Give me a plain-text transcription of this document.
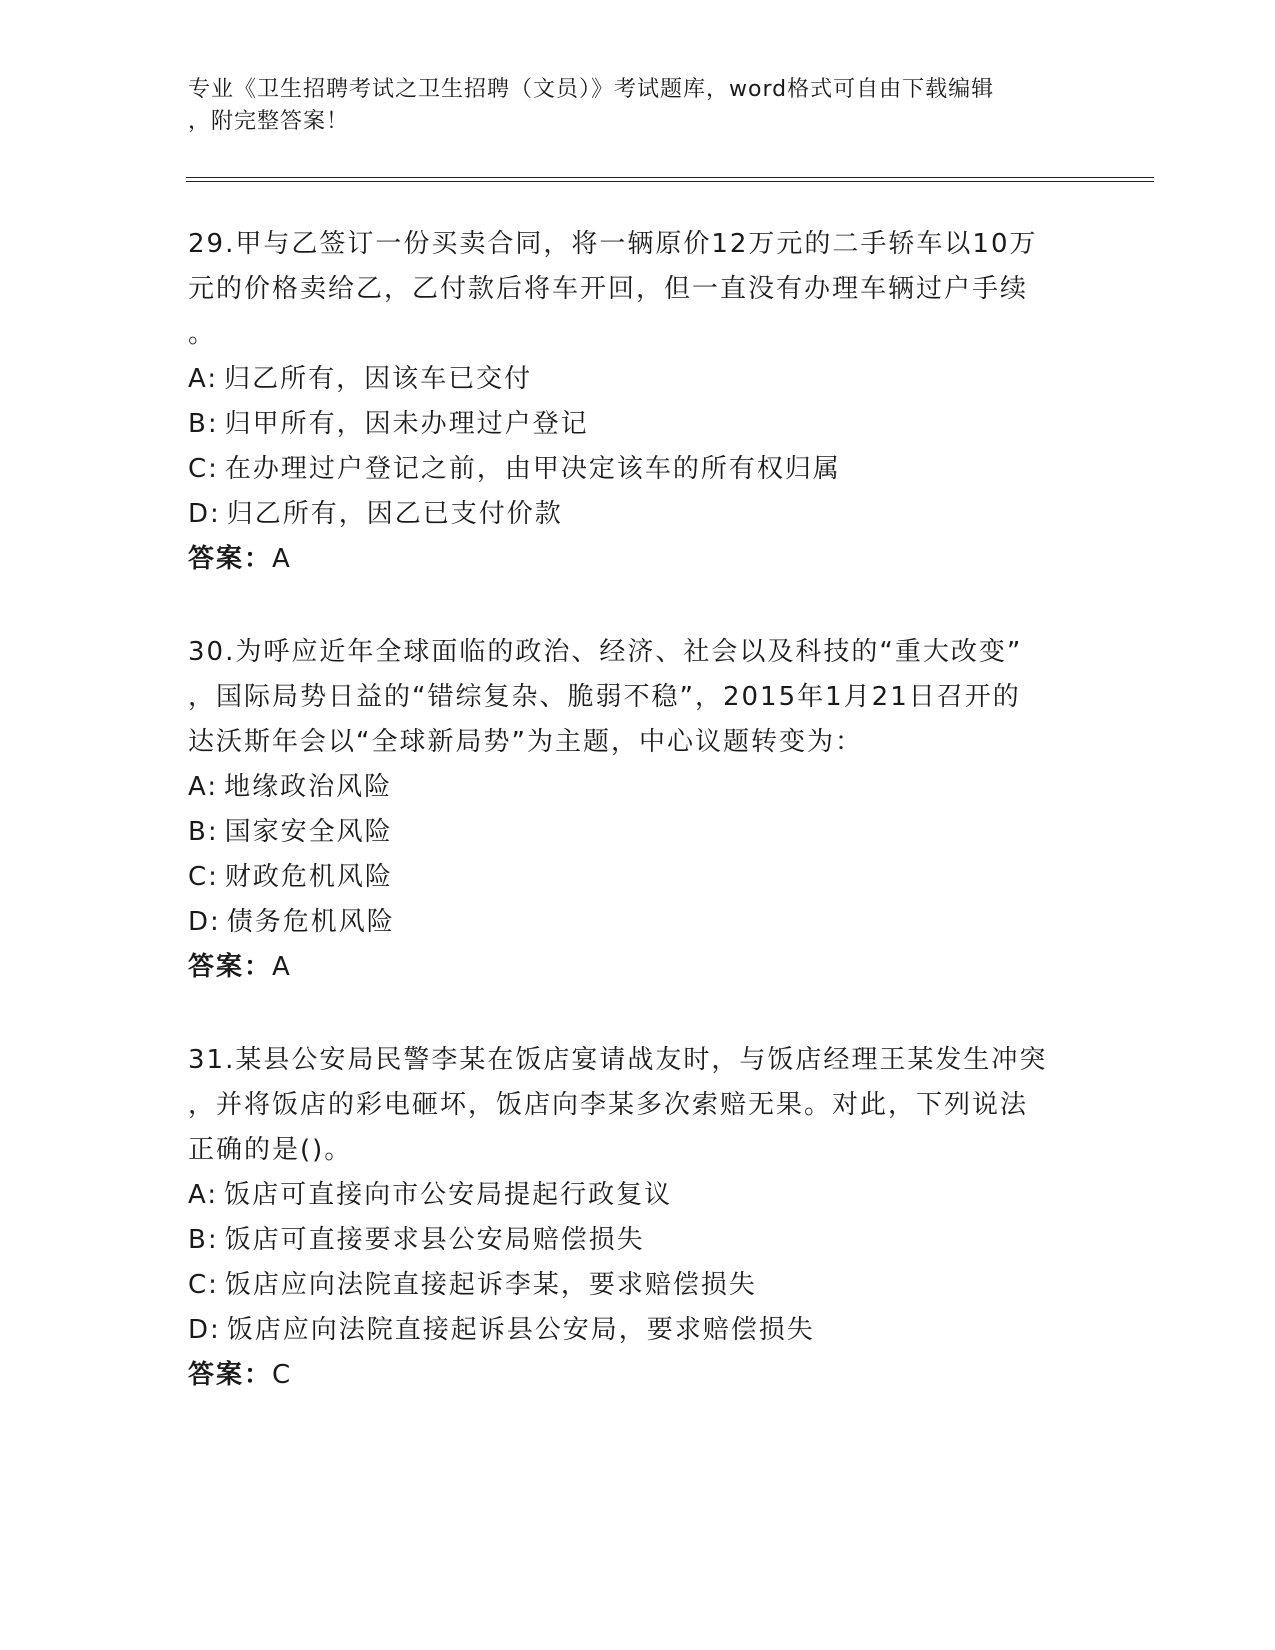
专业《卫生招聘考试之卫生招聘（文员）》考试题库，word格式可自由下载编辑
，附完整答案！
29.甲与乙签订一份买卖合同，将一辆原价12万元的二手轿车以10万
元的价格卖给乙，乙付款后将车开回，但一直没有办理车辆过户手续
。
A: 归乙所有，因该车已交付
B: 归甲所有，因未办理过户登记
C: 在办理过户登记之前，由甲决定该车的所有权归属
D: 归乙所有，因乙已支付价款
答案：A
30.为呼应近年全球面临的政治、经济、社会以及科技的“重大改变”
，国际局势日益的“错综复杂、脆弱不稳”，2015年1月21日召开的
达沃斯年会以“全球新局势”为主题，中心议题转变为：
A: 地缘政治风险
B: 国家安全风险
C: 财政危机风险
D: 债务危机风险
答案：A
31.某县公安局民警李某在饭店宴请战友时，与饭店经理王某发生冲突
，并将饭店的彩电砸坏，饭店向李某多次索赔无果。对此，下列说法
正确的是()。
A: 饭店可直接向市公安局提起行政复议
B: 饭店可直接要求县公安局赔偿损失
C: 饭店应向法院直接起诉李某，要求赔偿损失
D: 饭店应向法院直接起诉县公安局，要求赔偿损失
答案：C
